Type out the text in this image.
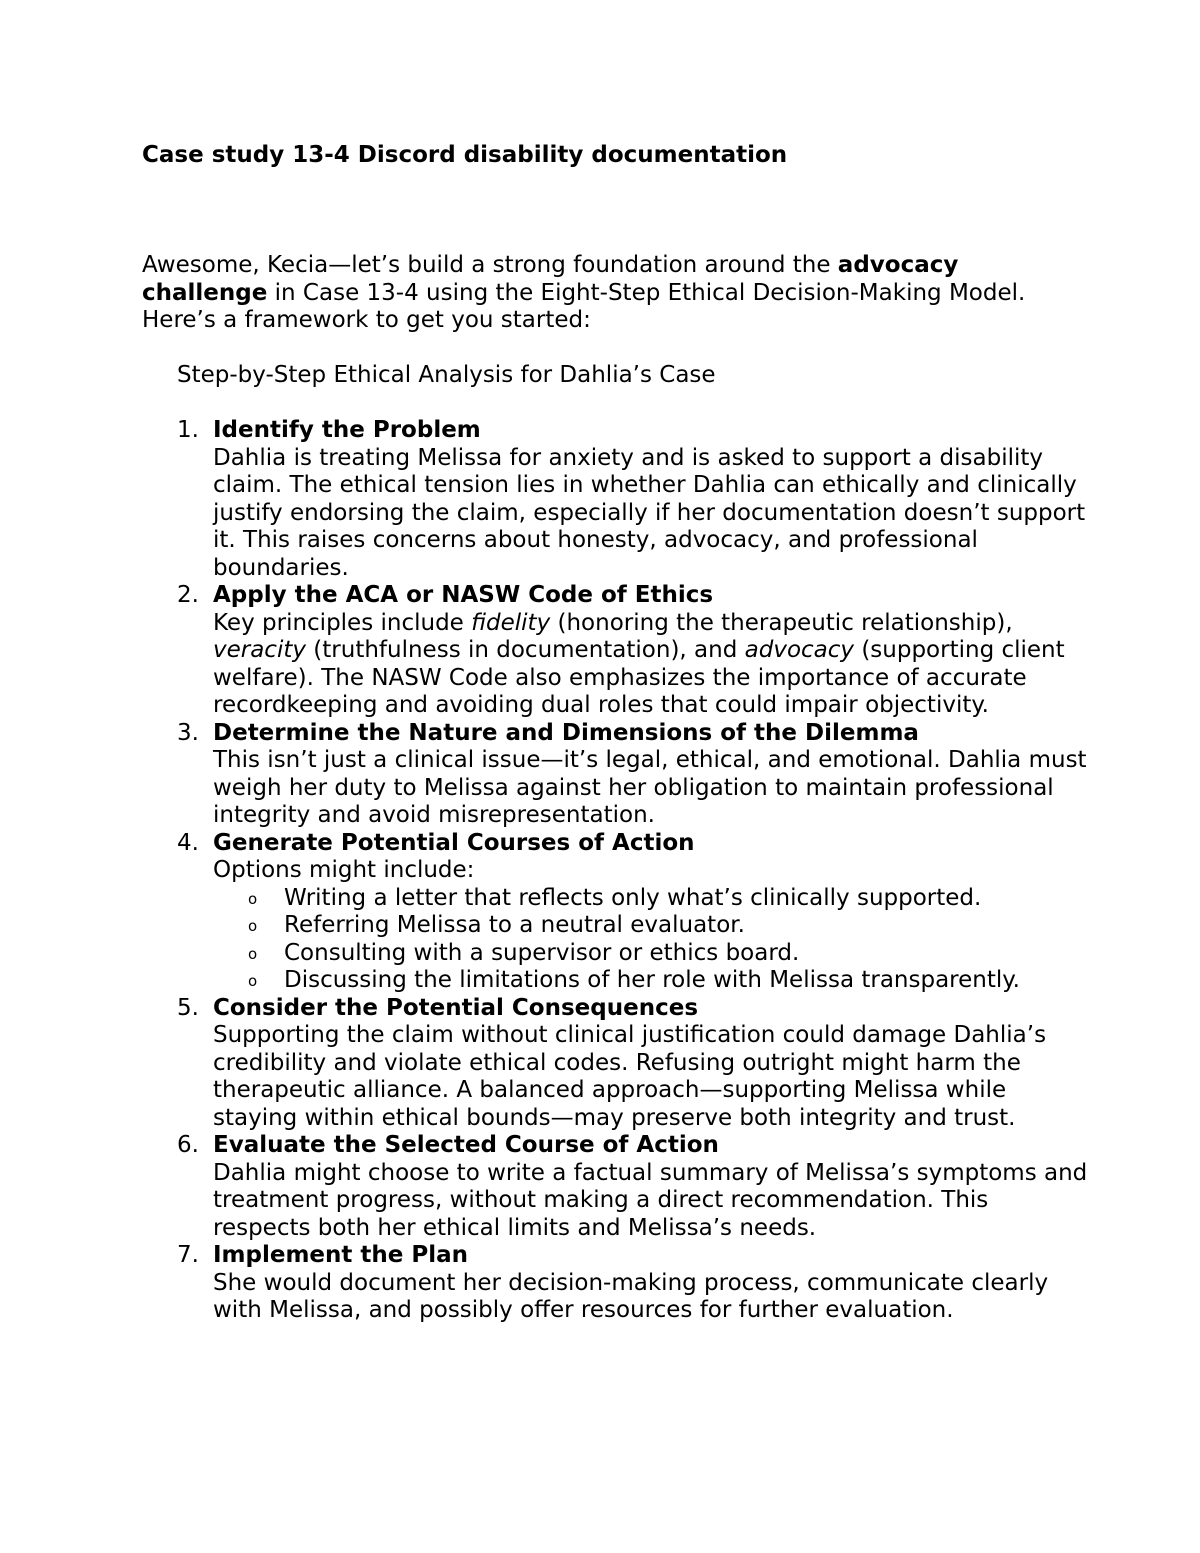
Case study 13-4 Discord disability documentation

Awesome, Kecia—let’s build a strong foundation around the advocacy challenge in Case 13-4 using the Eight-Step Ethical Decision-Making Model. Here’s a framework to get you started:

Step-by-Step Ethical Analysis for Dahlia’s Case
1. Identify the Problem
Dahlia is treating Melissa for anxiety and is asked to support a disability claim. The ethical tension lies in whether Dahlia can ethically and clinically justify endorsing the claim, especially if her documentation doesn’t support it. This raises concerns about honesty, advocacy, and professional boundaries.
2. Apply the ACA or NASW Code of Ethics
Key principles include fidelity (honoring the therapeutic relationship), veracity (truthfulness in documentation), and advocacy (supporting client welfare). The NASW Code also emphasizes the importance of accurate recordkeeping and avoiding dual roles that could impair objectivity.
3. Determine the Nature and Dimensions of the Dilemma
This isn’t just a clinical issue—it’s legal, ethical, and emotional. Dahlia must weigh her duty to Melissa against her obligation to maintain professional integrity and avoid misrepresentation.
4. Generate Potential Courses of Action
Options might include:
o Writing a letter that reflects only what’s clinically supported.
o Referring Melissa to a neutral evaluator.
o Consulting with a supervisor or ethics board.
o Discussing the limitations of her role with Melissa transparently.
5. Consider the Potential Consequences
Supporting the claim without clinical justification could damage Dahlia’s credibility and violate ethical codes. Refusing outright might harm the therapeutic alliance. A balanced approach—supporting Melissa while staying within ethical bounds—may preserve both integrity and trust.
6. Evaluate the Selected Course of Action
Dahlia might choose to write a factual summary of Melissa’s symptoms and treatment progress, without making a direct recommendation. This respects both her ethical limits and Melissa’s needs.
7. Implement the Plan
She would document her decision-making process, communicate clearly with Melissa, and possibly offer resources for further evaluation.
